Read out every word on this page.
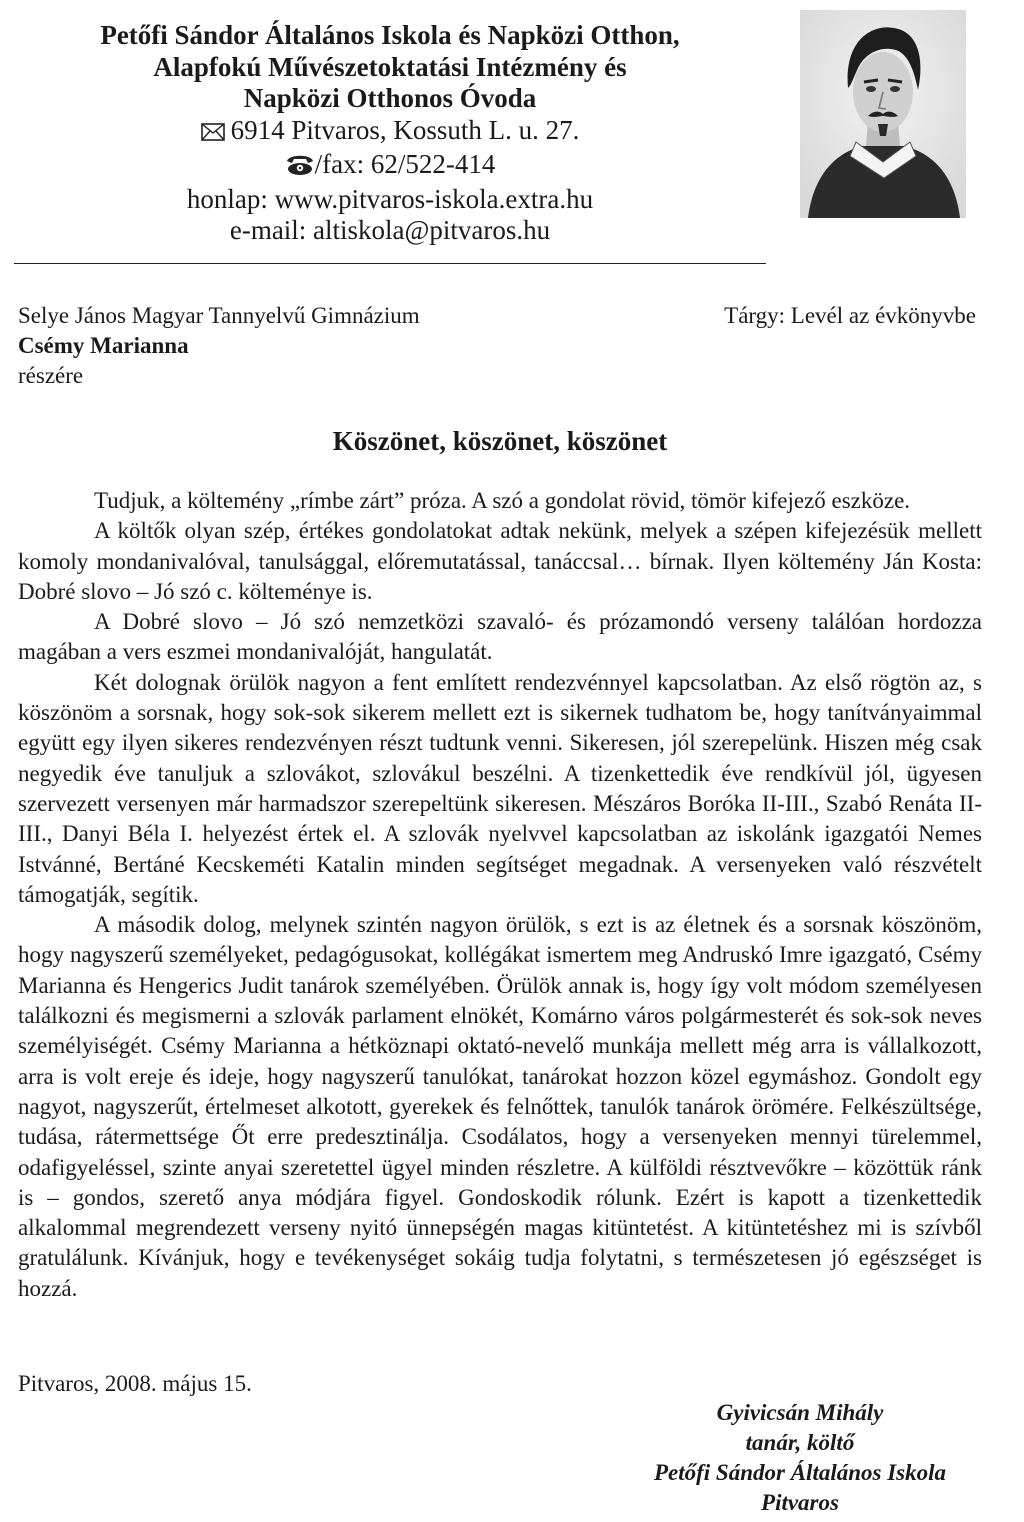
Petőfi Sándor Általános Iskola és Napközi Otthon,

Alapfokú Művészetoktatási Intézmény és

Napközi Otthonos Óvoda

6914 Pitvaros, Kossuth L. u. 27.
/fax: 62/522-414
honlap: www.pitvaros-iskola.extra.hu
e-mail: altiskola@pitvaros.hu
Selye János Magyar Tannyelvű Gimnázium
Csémy Marianna
részére
Tárgy: Levél az évkönyvbe
Köszönet, köszönet, köszönet

Tudjuk, a költemény „rímbe zárt” próza. A szó a gondolat rövid, tömör kifejező eszköze.

A költők olyan szép, értékes gondolatokat adtak nekünk, melyek a szépen kifejezésük mellett komoly mondanivalóval, tanulsággal, előremutatással, tanáccsal… bírnak. Ilyen költemény Ján Kosta: Dobré slovo – Jó szó c. költeménye is.

A Dobré slovo – Jó szó nemzetközi szavaló- és prózamondó verseny találóan hordozza magában a vers eszmei mondanivalóját, hangulatát.

Két dolognak örülök nagyon a fent említett rendezvénnyel kapcsolatban. Az első rögtön az, s köszönöm a sorsnak, hogy sok-sok sikerem mellett ezt is sikernek tudhatom be, hogy tanítványaimmal együtt egy ilyen sikeres rendezvényen részt tudtunk venni. Sikeresen, jól szerepelünk. Hiszen még csak negyedik éve tanuljuk a szlovákot, szlovákul beszélni. A tizenkettedik éve rendkívül jól, ügyesen szervezett versenyen már harmadszor szerepeltünk sikeresen. Mészáros Boróka II-III., Szabó Renáta II-III., Danyi Béla I. helyezést értek el. A szlovák nyelvvel kapcsolatban az iskolánk igazgatói Nemes Istvánné, Bertáné Kecskeméti Katalin minden segítséget megadnak. A versenyeken való részvételt támogatják, segítik.

A második dolog, melynek szintén nagyon örülök, s ezt is az életnek és a sorsnak köszönöm, hogy nagyszerű személyeket, pedagógusokat, kollégákat ismertem meg Andruskó Imre igazgató, Csémy Marianna és Hengerics Judit tanárok személyében. Örülök annak is, hogy így volt módom személyesen találkozni és megismerni a szlovák parlament elnökét, Komárno város polgármesterét és sok-sok neves személyiségét. Csémy Marianna a hétköznapi oktató-nevelő munkája mellett még arra is vállalkozott, arra is volt ereje és ideje, hogy nagyszerű tanulókat, tanárokat hozzon közel egymáshoz. Gondolt egy nagyot, nagyszerűt, értelmeset alkotott, gyerekek és felnőttek, tanulók tanárok örömére. Felkészültsége, tudása, rátermettsége Őt erre predesztinálja. Csodálatos, hogy a versenyeken mennyi türelemmel, odafigyeléssel, szinte anyai szeretettel ügyel minden részletre. A külföldi résztvevőkre – közöttük ránk is – gondos, szerető anya módjára figyel. Gondoskodik rólunk. Ezért is kapott a tizenkettedik alkalommal megrendezett verseny nyitó ünnepségén magas kitüntetést. A kitüntetéshez mi is szívből gratulálunk. Kívánjuk, hogy e tevékenységet sokáig tudja folytatni, s természetesen jó egészséget is hozzá.

Pitvaros, 2008. május 15.
Gyivicsán Mihály
tanár, költő
Petőfi Sándor Általános Iskola
Pitvaros
